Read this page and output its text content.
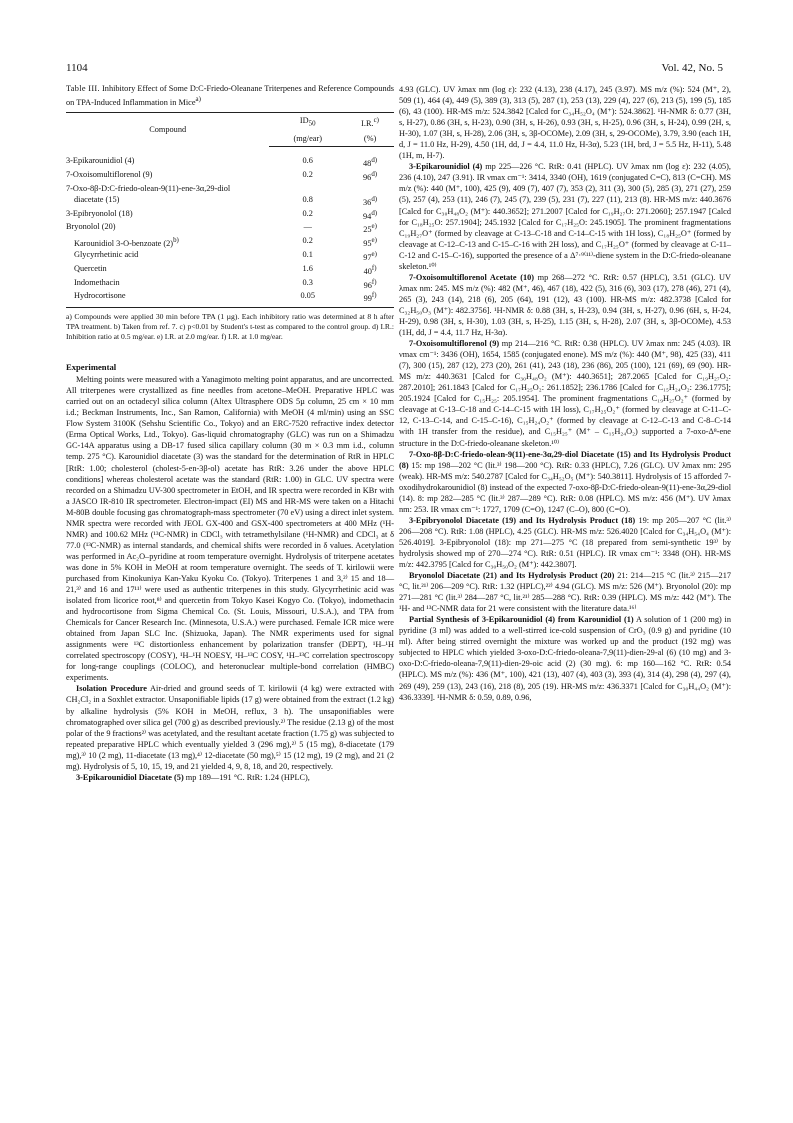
1104	Vol. 42, No. 5

Table III. Inhibitory Effect of Some D:C-Friedo-Oleanane Triterpenes and Reference Compounds on TPA-Induced Inflammation in Mice$^{a)}$

Compound	$ID_{50}$	I.R.$^{c)}$
	(mg/ear)	(%)
3-Epikarounidiol (4)	0.6	48$^{d)}$
7-Oxoisomultiflorenol (9)	0.2	96$^{d)}$
7-Oxo-8β-D:C-friedo-olean-9(11)-ene-3α,29-diol		
diacetate (15)	0.8	36$^{d)}$
3-Epibryonolol (18)	0.2	94$^{d)}$
Bryonolol (20)	—	25$^{e)}$
Karounidiol 3-O-benzoate $(2)^{b)}$	0.2	95$^{e)}$
Glycyrrhetinic acid	0.1	97$^{e)}$
Quercetin	1.6	40$^{f)}$
Indomethacin	0.3	96$^{f)}$
Hydrocortisone	0.05	99$^{f)}$

a) Compounds were applied 30 min before TPA (1 µg). Each inhibitory ratio was determined at 8 h after TPA treatment. b) Taken from ref. 7. c) p<0.01 by Student's t-test as compared to the control group. d) I.R.: Inhibition ratio at 0.5 mg/ear. e) I.R. at 2.0 mg/ear. f) I.R. at 1.0 mg/ear.

Experimental

Melting points were measured with a Yanagimoto melting point apparatus, and are uncorrected. All triterpenes were crystallized as fine needles from acetone–MeOH. Preparative HPLC was carried out on an octadecyl silica column (Altex Ultrasphere ODS 5µ column, 25 cm × 10 mm i.d.; Beckman Instruments, Inc., San Ramon, California) with MeOH (4 ml/min) using an SSC Flow System 3100K (Sehshu Scientific Co., Tokyo) and an ERC-7520 refractive index detector (Erma Optical Works, Ltd., Tokyo). Gas-liquid chromatography (GLC) was run on a Shimadzu GC-14A apparatus using a DB-17 fused silica capillary column (30 m × 0.3 mm i.d., column temp. 275 °C). Karounidiol diacetate (3) was the standard for the determination of RtR in HPLC [RtR: 1.00; cholesterol (cholest-5-en-3β-ol) acetate has RtR: 3.26 under the above HPLC conditions] whereas cholesterol acetate was the standard (RtR: 1.00) in GLC. UV spectra were recorded on a Shimadzu UV-300 spectrometer in EtOH, and IR spectra were recorded in KBr with a JASCO IR-810 IR spectrometer. Electron-impact (EI) MS and HR-MS were taken on a Hitachi M-80B double focusing gas chromatograph-mass spectrometer (70 eV) using a direct inlet system. NMR spectra were recorded with JEOL GX-400 and GSX-400 spectrometers at 400 MHz (¹H-NMR) and 100.62 MHz (¹³C-NMR) in CDCl₃ with tetramethylsilane (¹H-NMR) and CDCl₃ at δ 77.0 (¹³C-NMR) as internal standards, and chemical shifts were recorded in δ values. Acetylation was performed in Ac₂O–pyridine at room temperature overnight. Hydrolysis of triterpene acetates was done in 5% KOH in MeOH at room temperature overnight. The seeds of T. kirilowii were purchased from Kinokuniya Kan-Yaku Kyoku Co. (Tokyo). Triterpenes 1 and 3,²⁾ 15 and 18—21,³⁾ and 16 and 17¹¹⁾ were used as authentic triterpenes in this study. Glycyrrhetinic acid was isolated from licorice root,⁸⁾ and quercetin from Tokyo Kasei Kogyo Co. (Tokyo), indomethacin and hydrocortisone from Sigma Chemical Co. (St. Louis, Missouri, U.S.A.), and TPA from Chemicals for Cancer Research Inc. (Minnesota, U.S.A.) were purchased. Female ICR mice were obtained from Japan SLC Inc. (Shizuoka, Japan). The NMR experiments used for signal assignments were ¹³C distortionless enhancement by polarization transfer (DEPT), ¹H–¹H correlated spectroscopy (COSY), ¹H–¹H NOESY, ¹H–¹³C COSY, ¹H–¹³C correlation spectroscopy for long-range couplings (COLOC), and heteronuclear multiple-bond correlation (HMBC) experiments.

Isolation Procedure Air-dried and ground seeds of T. kirilowii (4 kg) were extracted with CH₂Cl₂ in a Soxhlet extractor. Unsaponifiable lipids (17 g) were obtained from the extract (1.2 kg) by alkaline hydrolysis (5% KOH in MeOH, reflux, 3 h). The unsaponifiables were chromatographed over silica gel (700 g) as described previously.²⁾ The residue (2.13 g) of the most polar of the 9 fractions²⁾ was acetylated, and the resultant acetate fraction (1.75 g) was subjected to repeated preparative HPLC which eventually yielded 3 (296 mg),²⁾ 5 (15 mg), 8-diacetate (179 mg),³⁾ 10 (2 mg), 11-diacetate (13 mg),⁴⁾ 12-diacetate (50 mg),⁵⁾ 15 (12 mg), 19 (2 mg), and 21 (2 mg). Hydrolysis of 5, 10, 15, 19, and 21 yielded 4, 9, 8, 18, and 20, respectively.

3-Epikarounidiol Diacetate (5) mp 189—191 °C. RtR: 1.24 (HPLC),

4.93 (GLC). UV λmax nm (log ε): 232 (4.13), 238 (4.17), 245 (3.97). MS m/z (%): 524 (M⁺, 2), 509 (1), 464 (4), 449 (5), 389 (3), 313 (5), 287 (1), 253 (13), 229 (4), 227 (6), 213 (5), 199 (5), 185 (6), 43 (100). HR-MS m/z: 524.3842 [Calcd for C₃₄H₅₂O₄ (M⁺): 524.3862]. ¹H-NMR δ: 0.77 (3H, s, H-27), 0.86 (3H, s, H-23), 0.90 (3H, s, H-26), 0.93 (3H, s, H-25), 0.96 (3H, s, H-24), 0.99 (2H, s, H-30), 1.07 (3H, s, H-28), 2.06 (3H, s, 3β-OCOMe), 2.09 (3H, s, 29-OCOMe), 3.79, 3.90 (each 1H, d, J = 11.0 Hz, H-29), 4.50 (1H, dd, J = 4.4, 11.0 Hz, H-3α), 5.23 (1H, brd, J = 5.5 Hz, H-11), 5.48 (1H, m, H-7).

3-Epikarounidiol (4) mp 225—226 °C. RtR: 0.41 (HPLC). UV λmax nm (log ε): 232 (4.05), 236 (4.10), 247 (3.91). IR νmax cm⁻¹: 3414, 3340 (OH), 1619 (conjugated C=C), 813 (C=CH). MS m/z (%): 440 (M⁺, 100), 425 (9), 409 (7), 407 (7), 353 (2), 311 (3), 300 (5), 285 (3), 271 (27), 259 (5), 257 (4), 253 (11), 246 (7), 245 (7), 239 (5), 231 (7), 227 (11), 213 (8). HR-MS m/z: 440.3676 [Calcd for C₃₀H₄₈O₂ (M⁺): 440.3652]; 271.2007 [Calcd for C₁₉H₂₇O: 271.2060]; 257.1947 [Calcd for C₁₈H₂₅O: 257.1904]; 245.1932 [Calcd for C₁₇H₂₅O: 245.1905]. The prominent fragmentations C₁₉H₂₇O⁺ (formed by cleavage at C-13–C-18 and C-14–C-15 with 1H loss), C₁₈H₂₅O⁺ (formed by cleavage at C-12–C-13 and C-15–C-16 with 2H loss), and C₁₇H₂₅O⁺ (formed by cleavage at C-11–C-12 and C-15–C-16), supported the presence of a Δ⁷·⁹⁽¹¹⁾-diene system in the D:C-friedo-oleanane skeleton.¹⁰⁾

7-Oxoisomultiflorenol Acetate (10) mp 268—272 °C. RtR: 0.57 (HPLC), 3.51 (GLC). UV λmax nm: 245. MS m/z (%): 482 (M⁺, 46), 467 (18), 422 (5), 316 (6), 303 (17), 278 (46), 271 (4), 265 (3), 243 (14), 218 (6), 205 (64), 191 (12), 43 (100). HR-MS m/z: 482.3738 [Calcd for C₃₂H₅₀O₃ (M⁺): 482.3756]. ¹H-NMR δ: 0.88 (3H, s, H-23), 0.94 (3H, s, H-27), 0.96 (6H, s, H-24, H-29), 0.98 (3H, s, H-30), 1.03 (3H, s, H-25), 1.15 (3H, s, H-28), 2.07 (3H, s, 3β-OCOMe), 4.53 (1H, dd, J = 4.4, 11.7 Hz, H-3α).

7-Oxoisomultiflorenol (9) mp 214—216 °C. RtR: 0.38 (HPLC). UV λmax nm: 245 (4.03). IR νmax cm⁻¹: 3436 (OH), 1654, 1585 (conjugated enone). MS m/z (%): 440 (M⁺, 98), 425 (33), 411 (7), 300 (15), 287 (12), 273 (20), 261 (41), 243 (18), 236 (86), 205 (100), 121 (69), 69 (90). HR-MS m/z: 440.3631 [Calcd for C₃₀H₄₈O₂ (M⁺): 440.3651]; 287.2065 [Calcd for C₁₉H₂₇O₂: 287.2010]; 261.1843 [Calcd for C₁₇H₂₅O₂: 261.1852]; 236.1786 [Calcd for C₁₅H₂₄O₂: 236.1775]; 205.1924 [Calcd for C₁₅H₂₅: 205.1954]. The prominent fragmentations C₁₉H₂₇O₂⁺ (formed by cleavage at C-13–C-18 and C-14–C-15 with 1H loss), C₁₇H₂₅O₂⁺ (formed by cleavage at C-11–C-12, C-13–C-14, and C-15–C-16), C₁₅H₂₄O₂⁺ (formed by cleavage at C-12–C-13 and C-8–C-14 with 1H transfer from the residue), and C₁₅H₂₅⁺ (M⁺ – C₁₅H₂₄O₂) supported a 7-oxo-Δ⁸-ene structure in the D:C-friedo-oleanane skeleton.¹⁰⁾

7-Oxo-8β-D:C-friedo-olean-9(11)-ene-3α,29-diol Diacetate (15) and Its Hydrolysis Product (8) 15: mp 198—202 °C (lit.³⁾ 198—200 °C). RtR: 0.33 (HPLC), 7.26 (GLC). UV λmax nm: 295 (weak). HR-MS m/z: 540.2787 [Calcd for C₃₄H₅₂O₅ (M⁺): 540.3811]. Hydrolysis of 15 afforded 7-oxodihydrokarounidiol (8) instead of the expected 7-oxo-8β-D:C-friedo-olean-9(11)-ene-3α,29-diol (14). 8: mp 282—285 °C (lit.³⁾ 287—289 °C). RtR: 0.08 (HPLC). MS m/z: 456 (M⁺). UV λmax nm: 253. IR νmax cm⁻¹: 1727, 1709 (C=O), 1247 (C–O), 800 (C=O).

3-Epibryonolol Diacetate (19) and Its Hydrolysis Product (18) 19: mp 205—207 °C (lit.³⁾ 206—208 °C). RtR: 1.08 (HPLC), 4.25 (GLC). HR-MS m/z: 526.4020 [Calcd for C₃₄H₅₄O₄ (M⁺): 526.4019]. 3-Epibryonolol (18): mp 271—275 °C (18 prepared from semi-synthetic 19³⁾ by hydrolysis showed mp of 270—274 °C). RtR: 0.51 (HPLC). IR νmax cm⁻¹: 3348 (OH). HR-MS m/z: 442.3795 [Calcd for C₃₀H₅₀O₂ (M⁺): 442.3807].

Bryonolol Diacetate (21) and Its Hydrolysis Product (20) 21: 214—215 °C (lit.³⁾ 215—217 °C, lit.²¹⁾ 206—209 °C). RtR: 1.32 (HPLC),²²⁾ 4.94 (GLC). MS m/z: 526 (M⁺). Bryonolol (20): mp 271—281 °C (lit.³⁾ 284—287 °C, lit.²¹⁾ 285—288 °C). RtR: 0.39 (HPLC). MS m/z: 442 (M⁺). The ¹H- and ¹³C-NMR data for 21 were consistent with the literature data.¹⁶⁾

Partial Synthesis of 3-Epikarounidiol (4) from Karounidiol (1) A solution of 1 (200 mg) in pyridine (3 ml) was added to a well-stirred ice-cold suspension of CrO₃ (0.9 g) and pyridine (10 ml). After being stirred overnight the mixture was worked up and the product (192 mg) was subjected to HPLC which yielded 3-oxo-D:C-friedo-oleana-7,9(11)-dien-29-al (6) (10 mg) and 3-oxo-D:C-friedo-oleana-7,9(11)-dien-29-oic acid (2) (30 mg). 6: mp 160—162 °C. RtR: 0.54 (HPLC). MS m/z (%): 436 (M⁺, 100), 421 (13), 407 (4), 403 (3), 393 (4), 314 (4), 298 (4), 297 (4), 269 (49), 259 (13), 243 (16), 218 (8), 205 (19). HR-MS m/z: 436.3371 [Calcd for C₃₀H₄₄O₂ (M⁺): 436.3339]. ¹H-NMR δ: 0.59, 0.89, 0.96,
